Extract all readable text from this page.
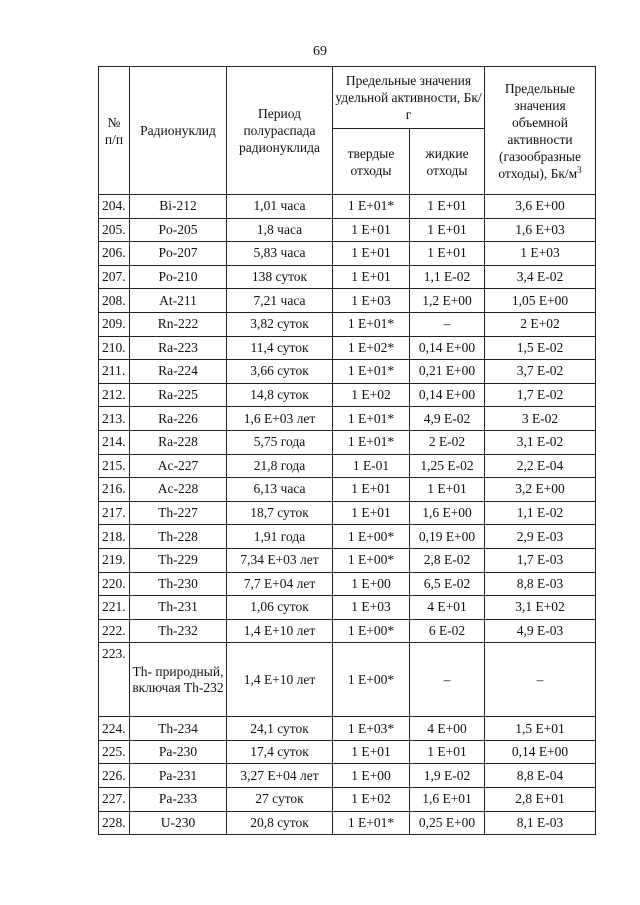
69
№ п/п	Радионуклид	Период полураспада радионуклида	Предельные значения удельной активности, Бк/г		Предельные значения объемной активности (газообразные отходы), $Бк/м^3$
			твердые отходы	жидкие отходы	
204.	Bi-212	1,01 часа	1 E+01*	1 E+01	3,6 E+00
205.	Po-205	1,8 часа	1 E+01	1 E+01	1,6 E+03
206.	Po-207	5,83 часа	1 E+01	1 E+01	1 E+03
207.	Po-210	138 суток	1 E+01	1,1 E-02	3,4 E-02
208.	At-211	7,21 часа	1 E+03	1,2 E+00	1,05 E+00
209.	Rn-222	3,82 суток	1 E+01*	–	2 E+02
210.	Ra-223	11,4 суток	1 E+02*	0,14 E+00	1,5 E-02
211.	Ra-224	3,66 суток	1 E+01*	0,21 E+00	3,7 E-02
212.	Ra-225	14,8 суток	1 E+02	0,14 E+00	1,7 E-02
213.	Ra-226	1,6 E+03 лет	1 E+01*	4,9 E-02	3 E-02
214.	Ra-228	5,75 года	1 E+01*	2 E-02	3,1 E-02
215.	Ac-227	21,8 года	1 E-01	1,25 E-02	2,2 E-04
216.	Ac-228	6,13 часа	1 E+01	1 E+01	3,2 E+00
217.	Th-227	18,7 суток	1 E+01	1,6 E+00	1,1 E-02
218.	Th-228	1,91 года	1 E+00*	0,19 E+00	2,9 E-03
219.	Th-229	7,34 E+03 лет	1 E+00*	2,8 E-02	1,7 E-03
220.	Th-230	7,7 E+04 лет	1 E+00	6,5 E-02	8,8 E-03
221.	Th-231	1,06 суток	1 E+03	4 E+01	3,1 E+02
222.	Th-232	1,4 E+10 лет	1 E+00*	6 E-02	4,9 E-03
223.	Th- природный, включая Th-232	1,4 E+10 лет	1 E+00*	–	–
224.	Th-234	24,1 суток	1 E+03*	4 E+00	1,5 E+01
225.	Pa-230	17,4 суток	1 E+01	1 E+01	0,14 E+00
226.	Pa-231	3,27 E+04 лет	1 E+00	1,9 E-02	8,8 E-04
227.	Pa-233	27 суток	1 E+02	1,6 E+01	2,8 E+01
228.	U-230	20,8 суток	1 E+01*	0,25 E+00	8,1 E-03
